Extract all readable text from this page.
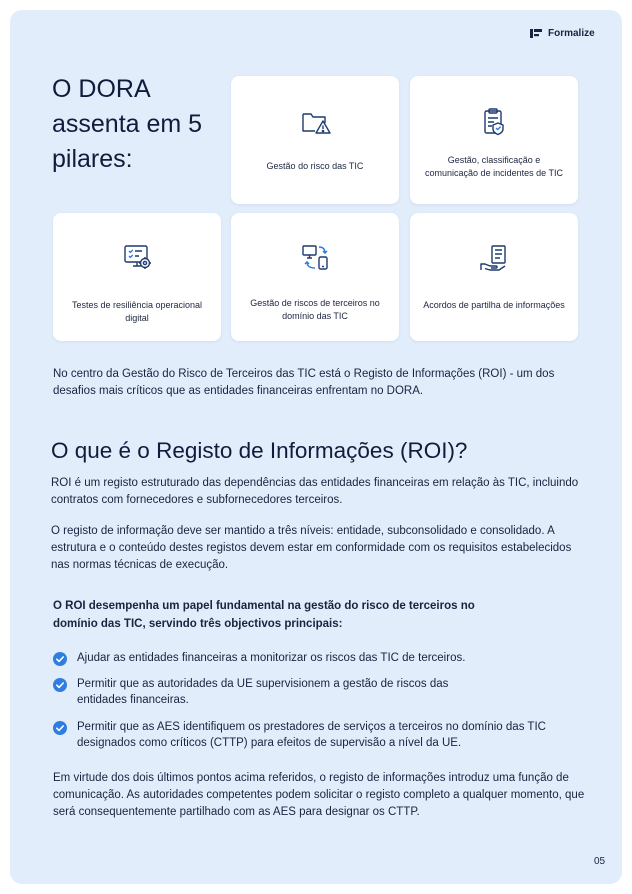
Formalize
O DORA assenta em 5 pilares:	Gestão do risco das TIC
Gestão, classificação e comunicação de incidentes de TIC
Testes de resiliência operacional digital
Gestão de riscos de terceiros no domínio das TIC
Acordos de partilha de informações

No centro da Gestão do Risco de Terceiros das TIC está o Registo de Informações (ROI) - um dos desafios mais críticos que as entidades financeiras enfrentam no DORA.

O que é o Registo de Informações (ROI)?

ROI é um registo estruturado das dependências das entidades financeiras em relação às TIC, incluindo contratos com fornecedores e subfornecedores terceiros.

O registo de informação deve ser mantido a três níveis: entidade, subconsolidado e consolidado. A estrutura e o conteúdo destes registos devem estar em conformidade com os requisitos estabelecidos nas normas técnicas de execução.

O ROI desempenha um papel fundamental na gestão do risco de terceiros no domínio das TIC, servindo três objectivos principais:

Ajudar as entidades financeiras a monitorizar os riscos das TIC de terceiros.

Permitir que as autoridades da UE supervisionem a gestão de riscos das entidades financeiras.

Permitir que as AES identifiquem os prestadores de serviços a terceiros no domínio das TIC designados como críticos (CTTP) para efeitos de supervisão a nível da UE.

Em virtude dos dois últimos pontos acima referidos, o registo de informações introduz uma função de comunicação. As autoridades competentes podem solicitar o registo completo a qualquer momento, que será consequentemente partilhado com as AES para designar os CTTP.

05
